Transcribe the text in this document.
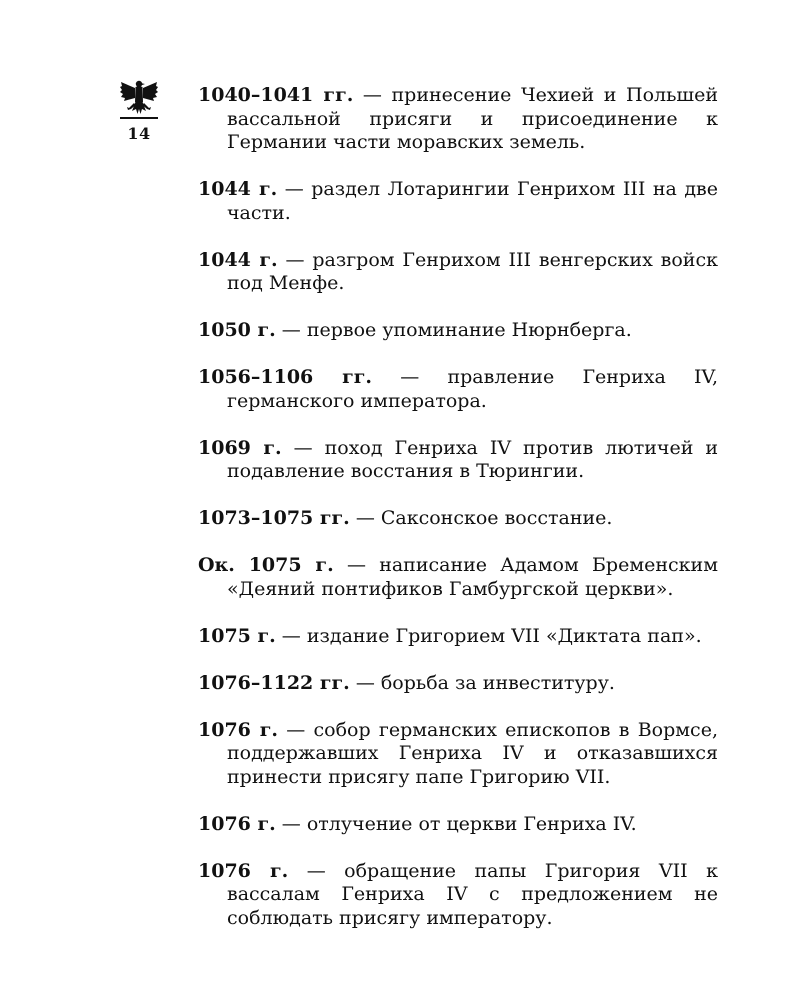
14

1040–1041 гг. — принесение Чехией и Польшей вассальной присяги и присоединение к Германии части моравских земель.

1044 г. — раздел Лотарингии Генрихом III на две части.

1044 г. — разгром Генрихом III венгерских войск под Менфе.

1050 г. — первое упоминание Нюрнберга.

1056–1106 гг. — правление Генриха IV, германского императора.

1069 г. — поход Генриха IV против лютичей и подавление восстания в Тюрингии.

1073–1075 гг. — Саксонское восстание.

Ок. 1075 г. — написание Адамом Бременским «Деяний понтификов Гамбургской церкви».

1075 г. — издание Григорием VII «Диктата пап».

1076–1122 гг. — борьба за инвеституру.

1076 г. — собор германских епископов в Вормсе, поддержавших Генриха IV и отказавшихся принести присягу папе Григорию VII.

1076 г. — отлучение от церкви Генриха IV.

1076 г. — обращение папы Григория VII к вассалам Генриха IV с предложением не соблюдать присягу императору.
